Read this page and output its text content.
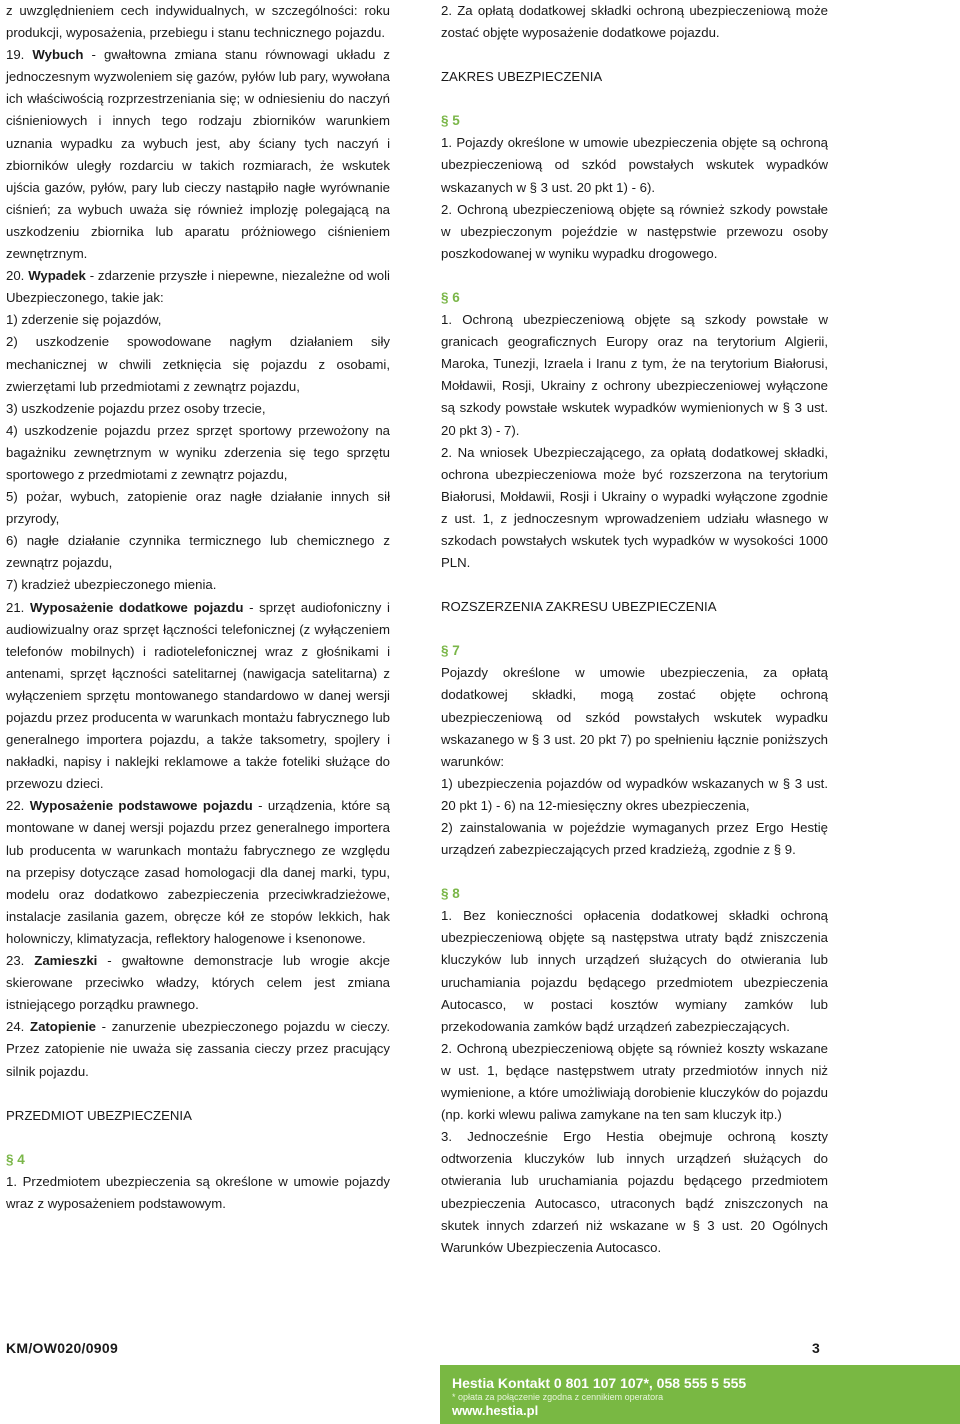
z uwzględnieniem cech indywidualnych, w szczególności: roku produkcji, wyposażenia, przebiegu i stanu technicznego pojazdu.

19. Wybuch - gwałtowna zmiana stanu równowagi układu z jednoczesnym wyzwoleniem się gazów, pyłów lub pary, wywołana ich właściwością rozprzestrzeniania się; w odniesieniu do naczyń ciśnieniowych i innych tego rodzaju zbiorników warunkiem uznania wypadku za wybuch jest, aby ściany tych naczyń i zbiorników uległy rozdarciu w takich rozmiarach, że wskutek ujścia gazów, pyłów, pary lub cieczy nastąpiło nagłe wyrównanie ciśnień; za wybuch uważa się również implozję polegającą na uszkodzeniu zbiornika lub aparatu próżniowego ciśnieniem zewnętrznym.

20. Wypadek - zdarzenie przyszłe i niepewne, niezależne od woli Ubezpieczonego, takie jak:

1) zderzenie się pojazdów,

2) uszkodzenie spowodowane nagłym działaniem siły mechanicznej w chwili zetknięcia się pojazdu z osobami, zwierzętami lub przedmiotami z zewnątrz pojazdu,

3) uszkodzenie pojazdu przez osoby trzecie,

4) uszkodzenie pojazdu przez sprzęt sportowy przewożony na bagażniku zewnętrznym w wyniku zderzenia się tego sprzętu sportowego z przedmiotami z zewnątrz pojazdu,

5) pożar, wybuch, zatopienie oraz nagłe działanie innych sił przyrody,

6) nagłe działanie czynnika termicznego lub chemicznego z zewnątrz pojazdu,

7) kradzież ubezpieczonego mienia.

21. Wyposażenie dodatkowe pojazdu - sprzęt audiofoniczny i audiowizualny oraz sprzęt łączności telefonicznej (z wyłączeniem telefonów mobilnych) i radiotelefonicznej wraz z głośnikami i antenami, sprzęt łączności satelitarnej (nawigacja satelitarna) z wyłączeniem sprzętu montowanego standardowo w danej wersji pojazdu przez producenta w warunkach montażu fabrycznego lub generalnego importera pojazdu, a także taksometry, spojlery i nakładki, napisy i naklejki reklamowe a także foteliki służące do przewozu dzieci.

22. Wyposażenie podstawowe pojazdu - urządzenia, które są montowane w danej wersji pojazdu przez generalnego importera lub producenta w warunkach montażu fabrycznego ze względu na przepisy dotyczące zasad homologacji dla danej marki, typu, modelu oraz dodatkowo zabezpieczenia przeciwkradzieżowe, instalacje zasilania gazem, obręcze kół ze stopów lekkich, hak holowniczy, klimatyzacja, reflektory halogenowe i ksenonowe.

23. Zamieszki - gwałtowne demonstracje lub wrogie akcje skierowane przeciwko władzy, których celem jest zmiana istniejącego porządku prawnego.

24. Zatopienie - zanurzenie ubezpieczonego pojazdu w cieczy. Przez zatopienie nie uważa się zassania cieczy przez pracujący silnik pojazdu.

PRZEDMIOT UBEZPIECZENIA

§ 4

1. Przedmiotem ubezpieczenia są określone w umowie pojazdy wraz z wyposażeniem podstawowym.

2. Za opłatą dodatkowej składki ochroną ubezpieczeniową może zostać objęte wyposażenie dodatkowe pojazdu.

ZAKRES UBEZPIECZENIA

§ 5

1. Pojazdy określone w umowie ubezpieczenia objęte są ochroną ubezpieczeniową od szkód powstałych wskutek wypadków wskazanych w § 3 ust. 20 pkt 1) - 6).

2. Ochroną ubezpieczeniową objęte są również szkody powstałe w ubezpieczonym pojeździe w następstwie przewozu osoby poszkodowanej w wyniku wypadku drogowego.

§ 6

1. Ochroną ubezpieczeniową objęte są szkody powstałe w granicach geograficznych Europy oraz na terytorium Algierii, Maroka, Tunezji, Izraela i Iranu z tym, że na terytorium Białorusi, Mołdawii, Rosji, Ukrainy z ochrony ubezpieczeniowej wyłączone są szkody powstałe wskutek wypadków wymienionych w § 3 ust. 20 pkt 3) - 7).

2. Na wniosek Ubezpieczającego, za opłatą dodatkowej składki, ochrona ubezpieczeniowa może być rozszerzona na terytorium Białorusi, Mołdawii, Rosji i Ukrainy o wypadki wyłączone zgodnie z ust. 1, z jednoczesnym wprowadzeniem udziału własnego w szkodach powstałych wskutek tych wypadków w wysokości 1000 PLN.

ROZSZERZENIA ZAKRESU UBEZPIECZENIA

§ 7

Pojazdy określone w umowie ubezpieczenia, za opłatą dodatkowej składki, mogą zostać objęte ochroną ubezpieczeniową od szkód powstałych wskutek wypadku wskazanego w § 3 ust. 20 pkt 7) po spełnieniu łącznie poniższych warunków:

1) ubezpieczenia pojazdów od wypadków wskazanych w § 3 ust. 20 pkt 1) - 6) na 12-miesięczny okres ubezpieczenia,

2) zainstalowania w pojeździe wymaganych przez Ergo Hestię urządzeń zabezpieczających przed kradzieżą, zgodnie z § 9.

§ 8

1. Bez konieczności opłacenia dodatkowej składki ochroną ubezpieczeniową objęte są następstwa utraty bądź zniszczenia kluczyków lub innych urządzeń służących do otwierania lub uruchamiania pojazdu będącego przedmiotem ubezpieczenia Autocasco, w postaci kosztów wymiany zamków lub przekodowania zamków bądź urządzeń zabezpieczających.

2. Ochroną ubezpieczeniową objęte są również koszty wskazane w ust. 1, będące następstwem utraty przedmiotów innych niż wymienione, a które umożliwiają dorobienie kluczyków do pojazdu (np. korki wlewu paliwa zamykane na ten sam kluczyk itp.)

3. Jednocześnie Ergo Hestia obejmuje ochroną koszty odtworzenia kluczyków lub innych urządzeń służących do otwierania lub uruchamiania pojazdu będącego przedmiotem ubezpieczenia Autocasco, utraconych bądź zniszczonych na skutek innych zdarzeń niż wskazane w § 3 ust. 20 Ogólnych Warunków Ubezpieczenia Autocasco.

KM/OW020/0909	3
Hestia Kontakt 0 801 107 107*, 058 555 5 555
* opłata za połączenie zgodna z cennikiem operatora
www.hestia.pl
